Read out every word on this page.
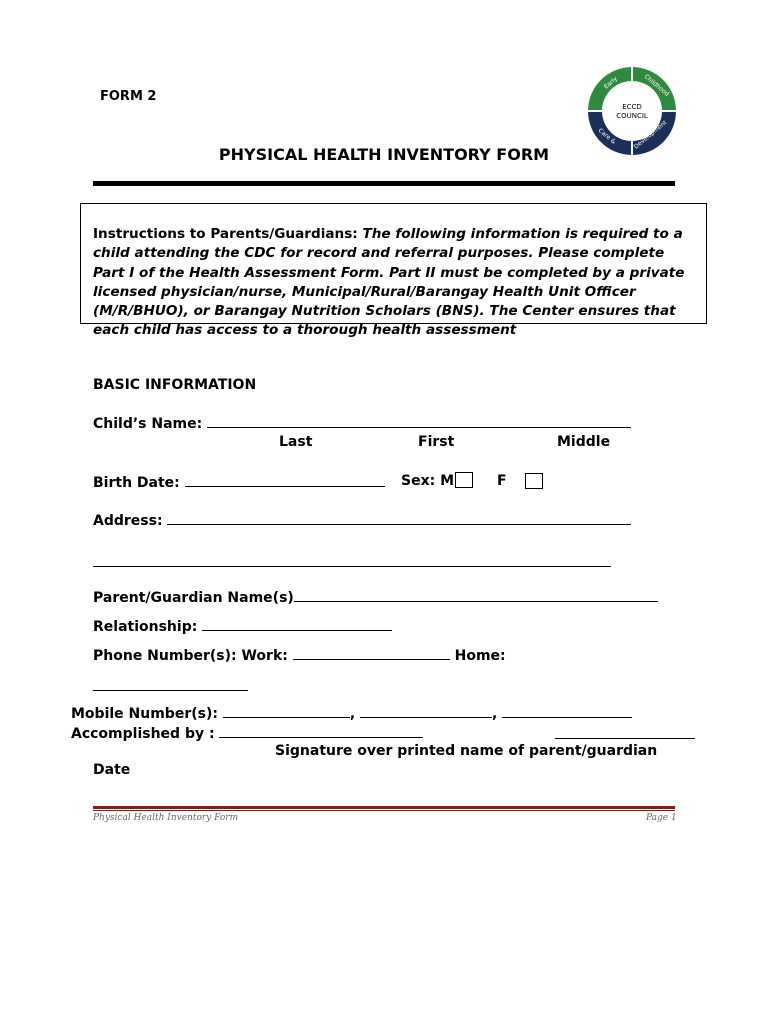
FORM 2
Early	Childhood
Care &	Development
ECCD
COUNCIL
PHYSICAL HEALTH INVENTORY FORM
Instructions to Parents/Guardians: The following information is required to a child attending the CDC for record and referral purposes. Please complete Part I of the Health Assessment Form. Part II must be completed by a private licensed physician/nurse, Municipal/Rural/Barangay Health Unit Officer (M/R/BHUO), or Barangay Nutrition Scholars (BNS). The Center ensures that each child has access to a thorough health assessment
BASIC INFORMATION
Child’s Name:
Last	First	Middle
Birth Date:	Sex: M
	F
Address:
Parent/Guardian Name(s)
Relationship:
Phone Number(s): Work:	Home:
Mobile Number(s):	,	,
Accomplished by :
Signature over printed name of parent/guardian
Date
Physical Health Inventory Form	Page 1
